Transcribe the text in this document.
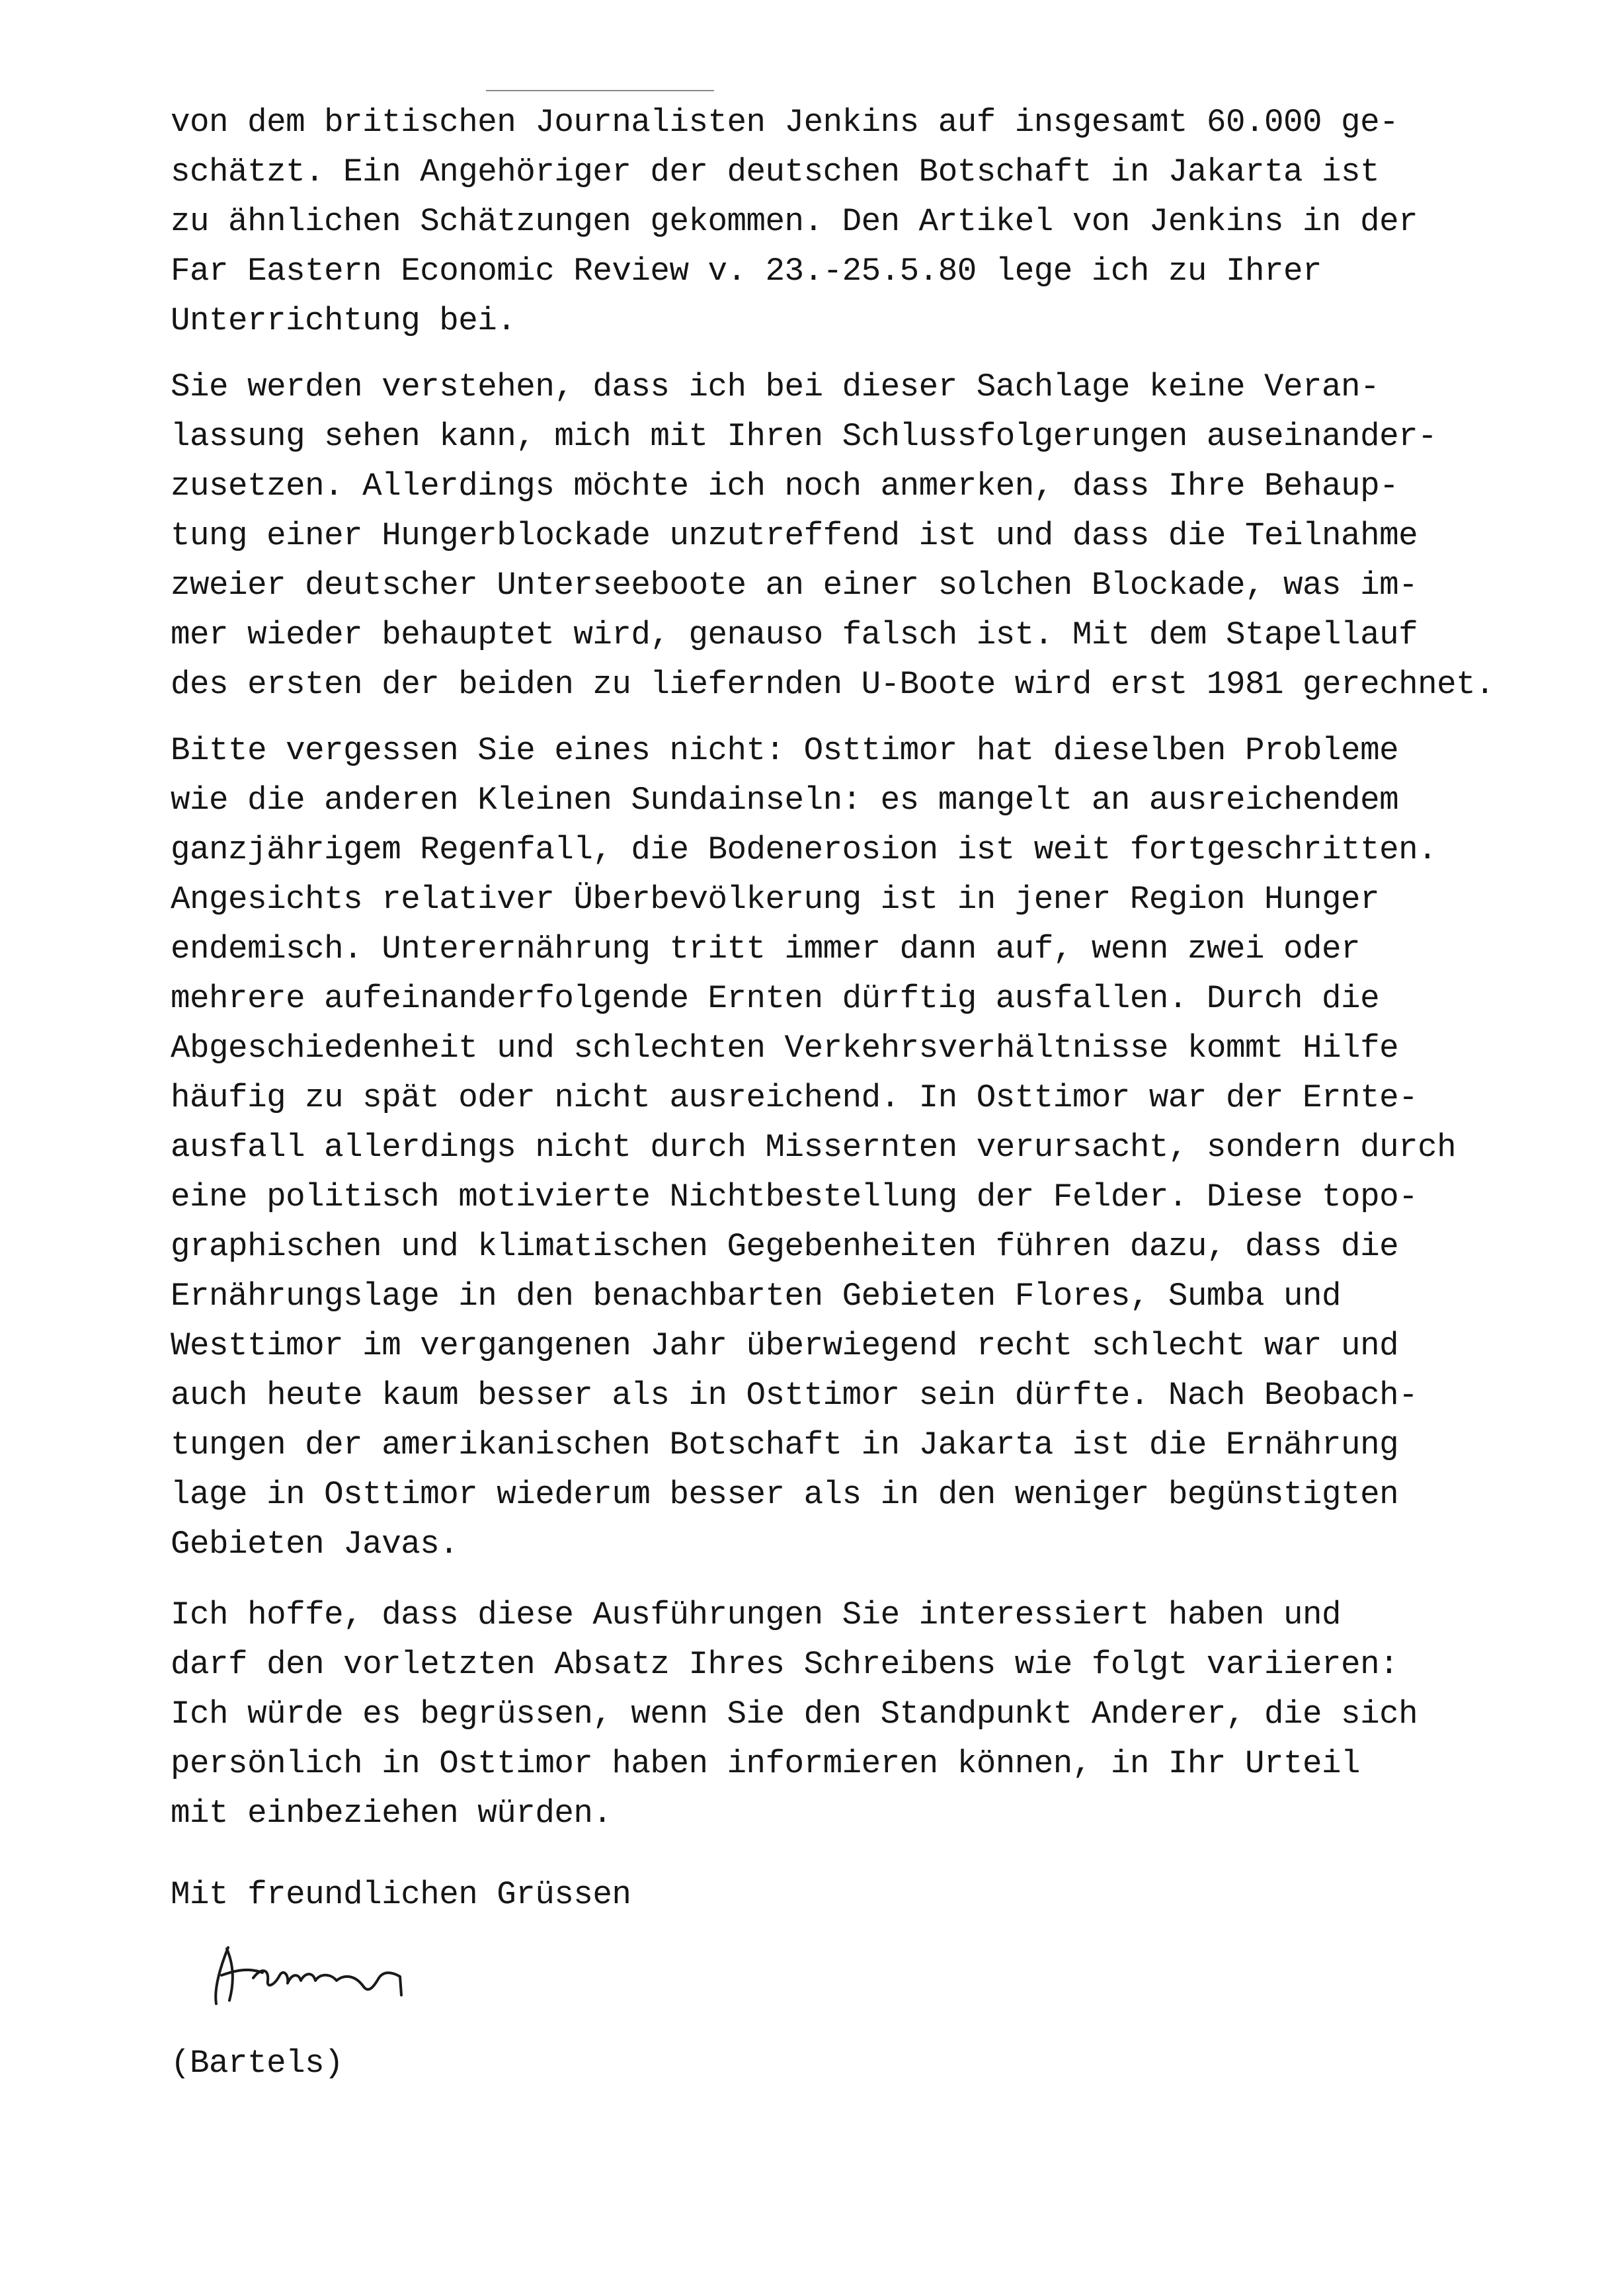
von dem britischen Journalisten Jenkins auf insgesamt 60.000 ge-
schätzt. Ein Angehöriger der deutschen Botschaft in Jakarta ist
zu ähnlichen Schätzungen gekommen. Den Artikel von Jenkins in der
Far Eastern Economic Review v. 23.-25.5.80 lege ich zu Ihrer
Unterrichtung bei.
Sie werden verstehen, dass ich bei dieser Sachlage keine Veran-
lassung sehen kann, mich mit Ihren Schlussfolgerungen auseinander-
zusetzen. Allerdings möchte ich noch anmerken, dass Ihre Behaup-
tung einer Hungerblockade unzutreffend ist und dass die Teilnahme
zweier deutscher Unterseeboote an einer solchen Blockade, was im-
mer wieder behauptet wird, genauso falsch ist. Mit dem Stapellauf
des ersten der beiden zu liefernden U-Boote wird erst 1981 gerechnet.
Bitte vergessen Sie eines nicht: Osttimor hat dieselben Probleme
wie die anderen Kleinen Sundainseln: es mangelt an ausreichendem
ganzjährigem Regenfall, die Bodenerosion ist weit fortgeschritten.
Angesichts relativer Überbevölkerung ist in jener Region Hunger
endemisch. Unterernährung tritt immer dann auf, wenn zwei oder
mehrere aufeinanderfolgende Ernten dürftig ausfallen. Durch die
Abgeschiedenheit und schlechten Verkehrsverhältnisse kommt Hilfe
häufig zu spät oder nicht ausreichend. In Osttimor war der Ernte-
ausfall allerdings nicht durch Missernten verursacht, sondern durch
eine politisch motivierte Nichtbestellung der Felder. Diese topo-
graphischen und klimatischen Gegebenheiten führen dazu, dass die
Ernährungslage in den benachbarten Gebieten Flores, Sumba und
Westtimor im vergangenen Jahr überwiegend recht schlecht war und
auch heute kaum besser als in Osttimor sein dürfte. Nach Beobach-
tungen der amerikanischen Botschaft in Jakarta ist die Ernährung
lage in Osttimor wiederum besser als in den weniger begünstigten
Gebieten Javas.
Ich hoffe, dass diese Ausführungen Sie interessiert haben und
darf den vorletzten Absatz Ihres Schreibens wie folgt variieren:
Ich würde es begrüssen, wenn Sie den Standpunkt Anderer, die sich
persönlich in Osttimor haben informieren können, in Ihr Urteil
mit einbeziehen würden.
Mit freundlichen Grüssen
(Bartels)
